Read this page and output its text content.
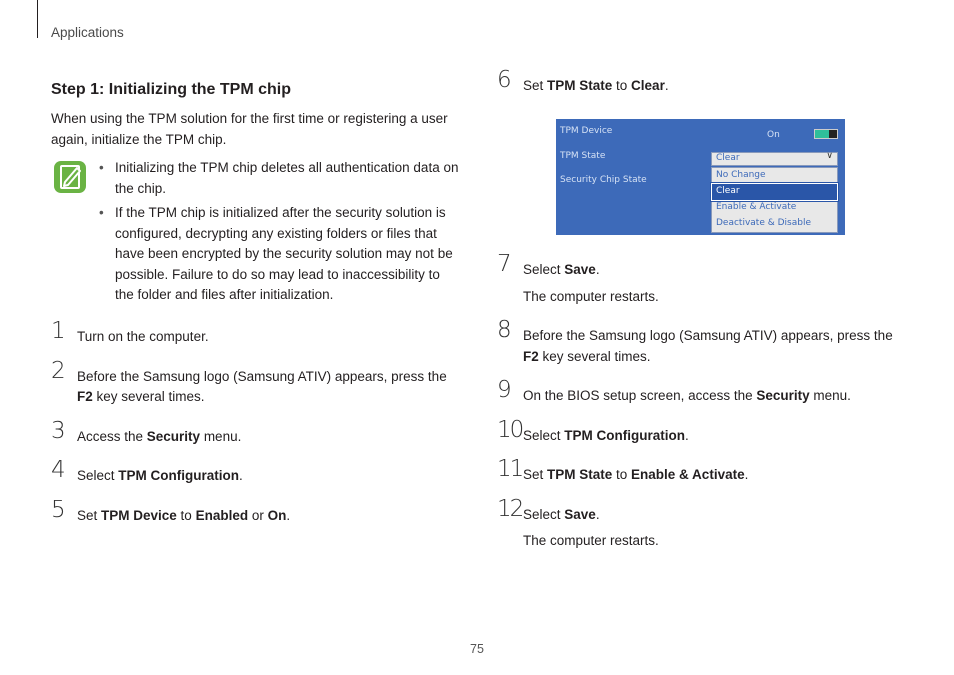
Applications
Step 1: Initializing the TPM chip

When using the TPM solution for the first time or registering a user again, initialize the TPM chip.

• Initializing the TPM chip deletes all authentication data on the chip.
• If the TPM chip is initialized after the security solution is configured, decrypting any existing folders or files that have been encrypted by the security solution may not be possible. Failure to do so may lead to inaccessibility to the folder and files after initialization.
1 Turn on the computer.
2 Before the Samsung logo (Samsung ATIV) appears, press the F2 key several times.
3 Access the Security menu.
4 Select TPM Configuration.
5 Set TPM Device to Enabled or On.
6 Set TPM State to Clear.
7 Select Save.
The computer restarts.
8 Before the Samsung logo (Samsung ATIV) appears, press the F2 key several times.
9 On the BIOS setup screen, access the Security menu.
10 Select TPM Configuration.
11 Set TPM State to Enable & Activate.
12 Select Save.
The computer restarts.
TPM Device
TPM State
Security Chip State
On
Clear	∨
No Change
Clear
Enable & Activate
Deactivate & Disable
75
